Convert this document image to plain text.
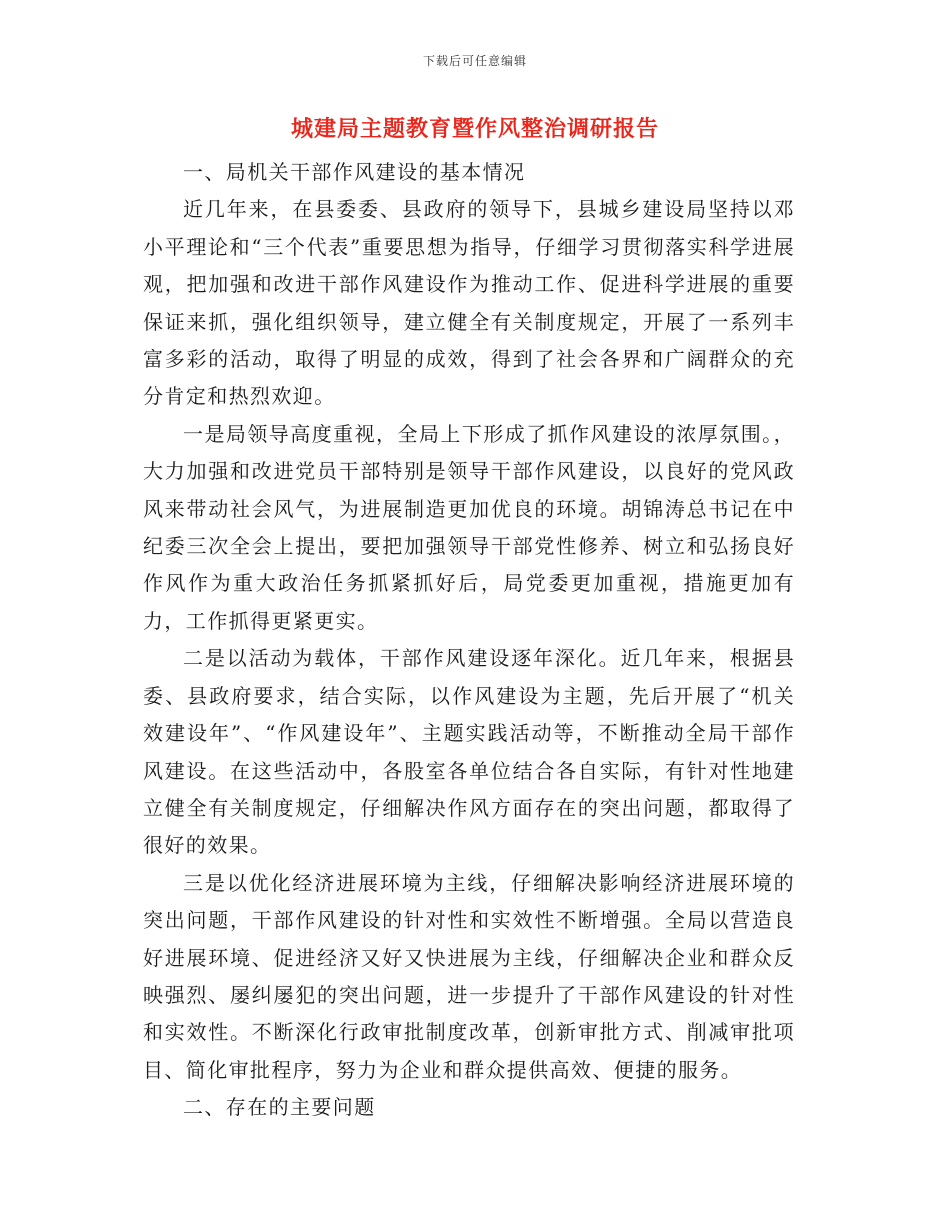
下载后可任意编辑
城建局主题教育暨作风整治调研报告

一、局机关干部作风建设的基本情况

近几年来，在县委委、县政府的领导下，县城乡建设局坚持以邓小平理论和“三个代表”重要思想为指导，仔细学习贯彻落实科学进展观，把加强和改进干部作风建设作为推动工作、促进科学进展的重要保证来抓，强化组织领导，建立健全有关制度规定，开展了一系列丰富多彩的活动，取得了明显的成效，得到了社会各界和广阔群众的充分肯定和热烈欢迎。

一是局领导高度重视，全局上下形成了抓作风建设的浓厚氛围。，大力加强和改进党员干部特别是领导干部作风建设，以良好的党风政风来带动社会风气，为进展制造更加优良的环境。胡锦涛总书记在中纪委三次全会上提出，要把加强领导干部党性修养、树立和弘扬良好作风作为重大政治任务抓紧抓好后，局党委更加重视，措施更加有力，工作抓得更紧更实。

二是以活动为载体，干部作风建设逐年深化。近几年来，根据县委、县政府要求，结合实际，以作风建设为主题，先后开展了“机关效建设年”、“作风建设年”、主题实践活动等，不断推动全局干部作风建设。在这些活动中，各股室各单位结合各自实际，有针对性地建立健全有关制度规定，仔细解决作风方面存在的突出问题，都取得了很好的效果。

三是以优化经济进展环境为主线，仔细解决影响经济进展环境的突出问题，干部作风建设的针对性和实效性不断增强。全局以营造良好进展环境、促进经济又好又快进展为主线，仔细解决企业和群众反映强烈、屡纠屡犯的突出问题，进一步提升了干部作风建设的针对性和实效性。不断深化行政审批制度改革，创新审批方式、削减审批项目、简化审批程序，努力为企业和群众提供高效、便捷的服务。

二、存在的主要问题
